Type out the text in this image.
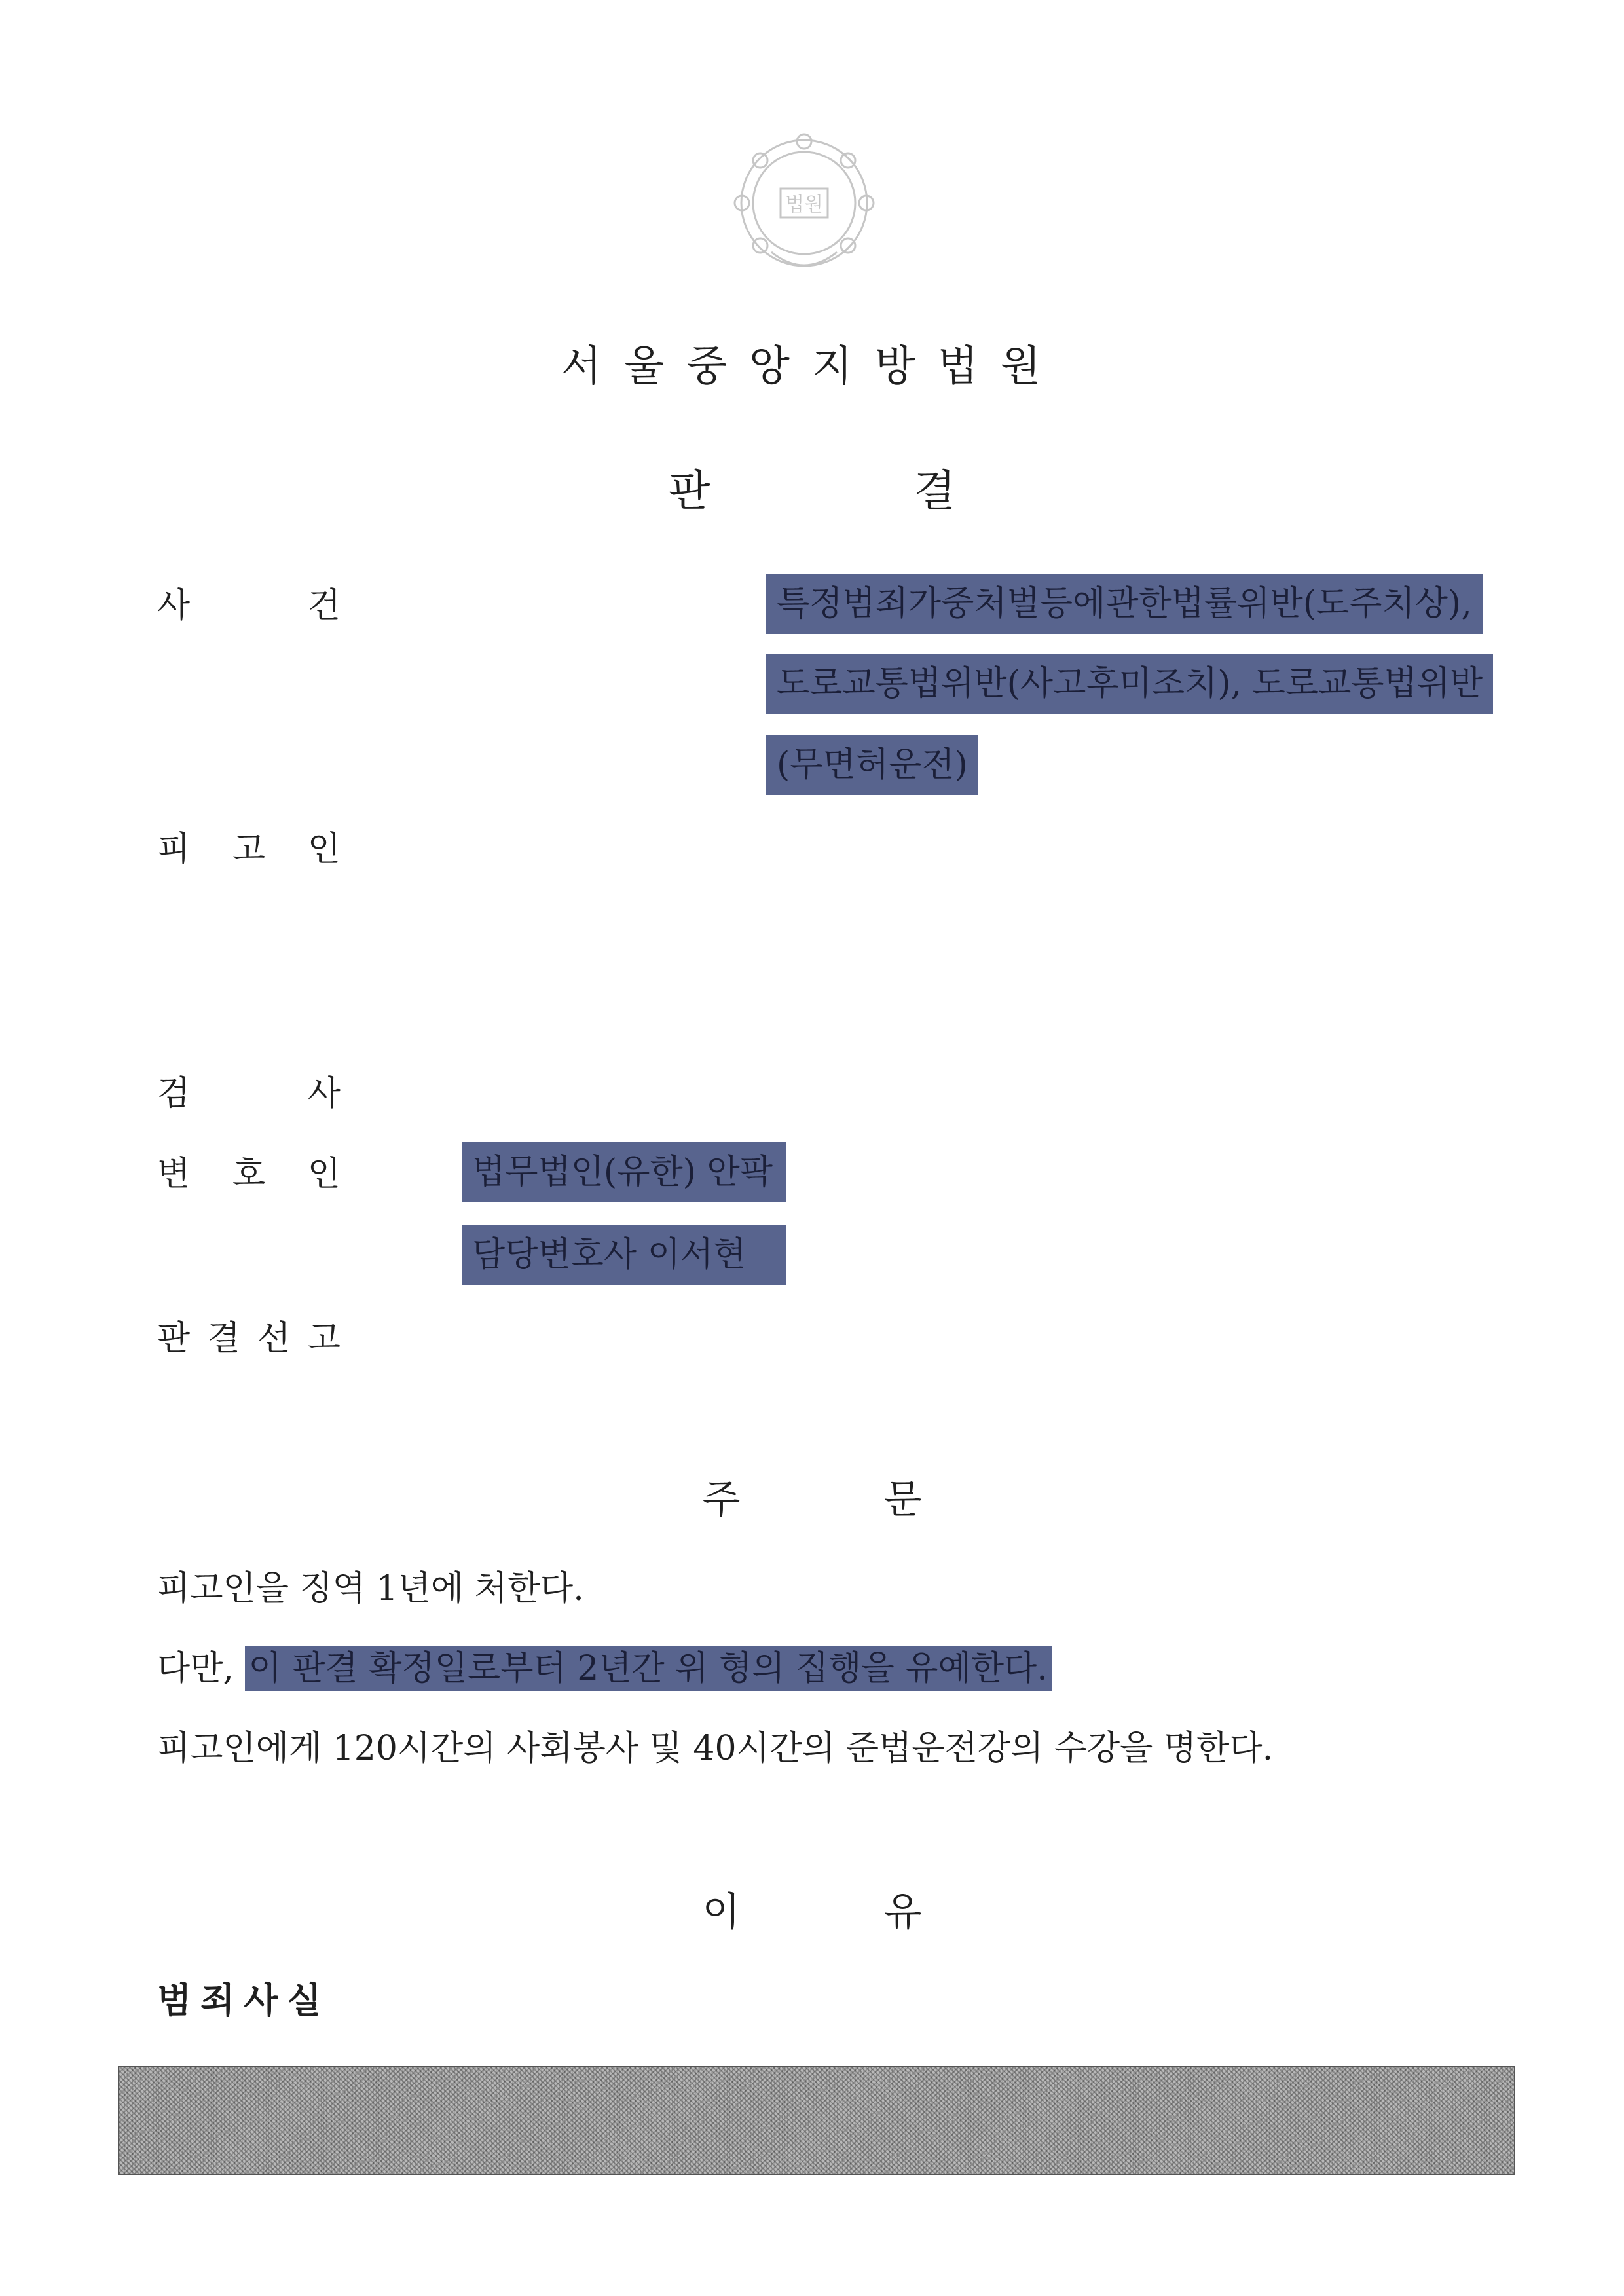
법원
서울중앙지방법원
판 결
사	건	특정범죄가중처벌등에관한법률위반(도주치상),
도로교통법위반(사고후미조치), 도로교통법위반
(무면허운전)
피 고 인
검	사
변 호 인	법무법인(유한) 안팍
담당변호사 이서현
판 결 선 고
주 문
피고인을 징역 1년에 처한다.
다만, 이 판결 확정일로부터 2년간 위 형의 집행을 유예한다.
피고인에게 120시간의 사회봉사 및 40시간의 준법운전강의 수강을 명한다.
이 유
범죄사실
